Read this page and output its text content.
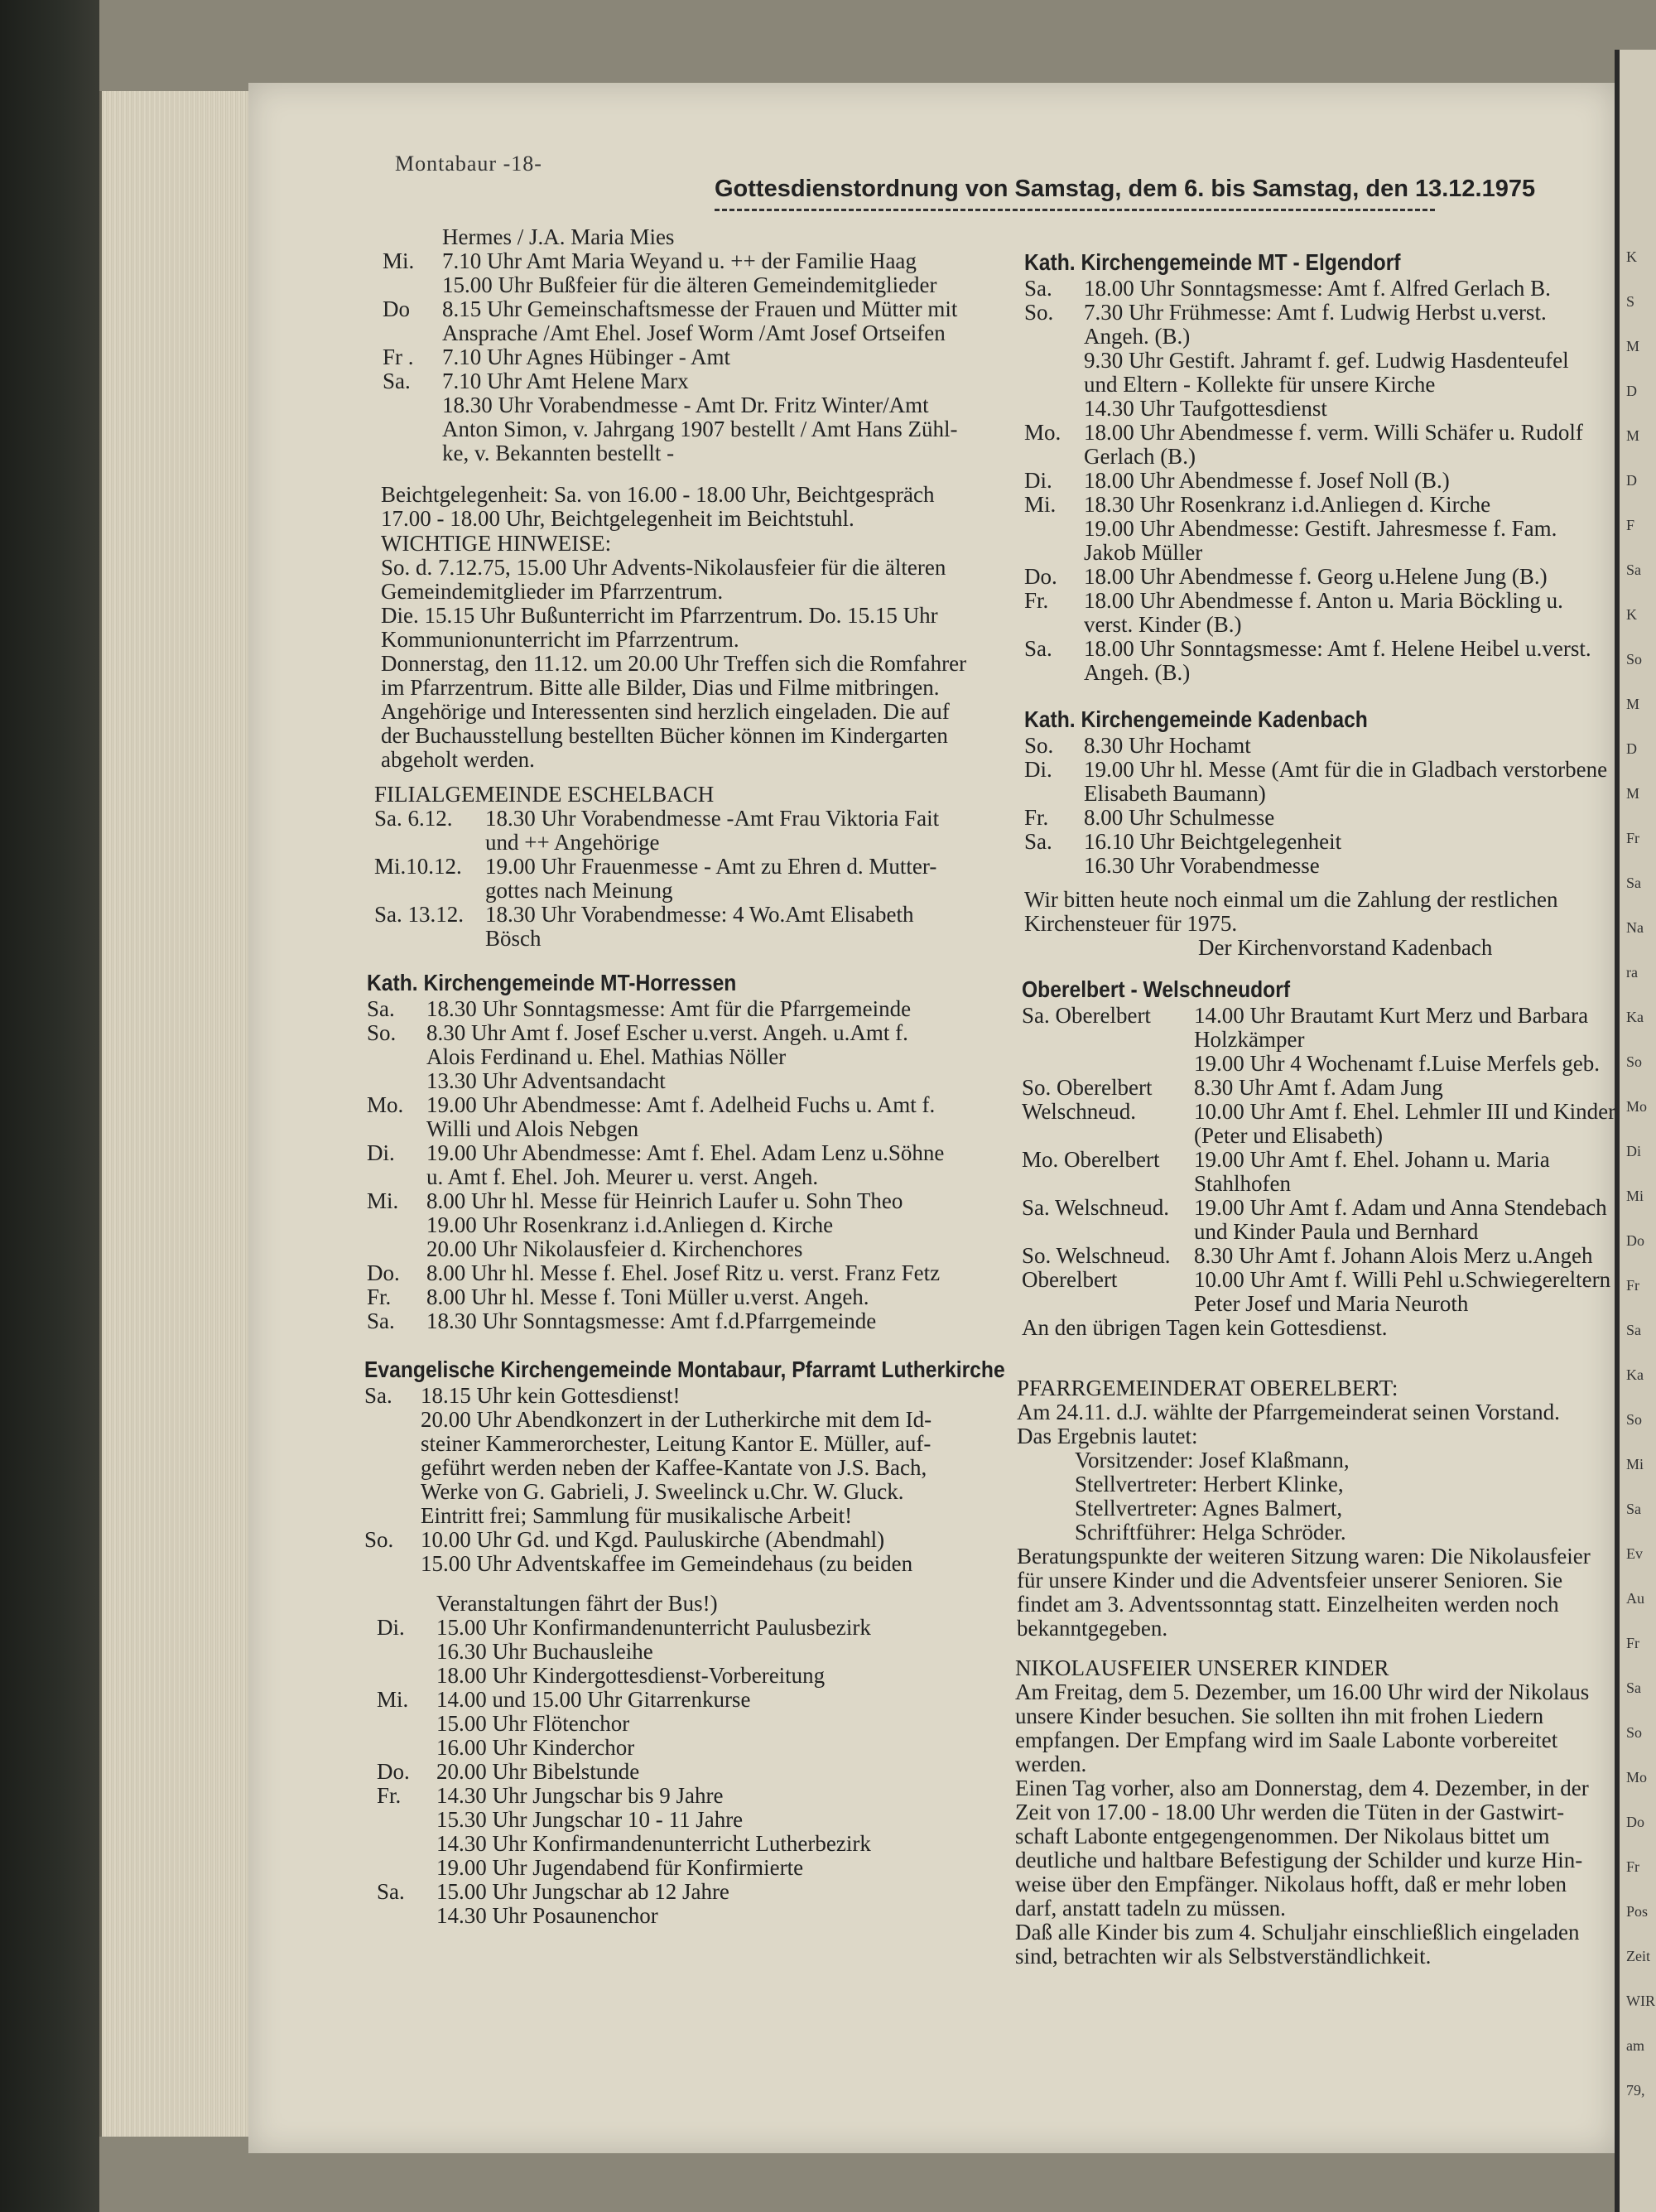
K
S
M
D
M
D
F
Sa
K
So
M
D
M
Fr
Sa
Na
ra
Ka
So
Mo
Di
Mi
Do
Fr
Sa
Ka
So
Mi
Sa
Ev
Au
Fr
Sa
So
Mo
Do
Fr
Pos
Zeit
WIR
am
79,
Montabaur -18-
Gottesdienstordnung von Samstag, dem 6. bis Samstag, den 13.12.1975
Hermes / J.A. Maria Mies
Mi.	7.10 Uhr Amt Maria Weyand u. ++ der Familie Haag
15.00 Uhr Bußfeier für die älteren Gemeindemitglieder
Do	8.15 Uhr Gemeinschaftsmesse der Frauen und Mütter mit
Ansprache /Amt Ehel. Josef Worm /Amt Josef Ortseifen
Fr .	7.10 Uhr Agnes Hübinger - Amt
Sa.	7.10 Uhr Amt Helene Marx
18.30 Uhr Vorabendmesse - Amt Dr. Fritz Winter/Amt
Anton Simon, v. Jahrgang 1907 bestellt / Amt Hans Zühl-
ke, v. Bekannten bestellt -
Beichtgelegenheit: Sa. von 16.00 - 18.00 Uhr, Beichtgespräch
17.00 - 18.00 Uhr, Beichtgelegenheit im Beichtstuhl.
WICHTIGE HINWEISE:
So. d. 7.12.75, 15.00 Uhr Advents-Nikolausfeier für die älteren
Gemeindemitglieder im Pfarrzentrum.
Die. 15.15 Uhr Bußunterricht im Pfarrzentrum. Do. 15.15 Uhr
Kommunionunterricht im Pfarrzentrum.
Donnerstag, den 11.12. um 20.00 Uhr Treffen sich die Romfahrer
im Pfarrzentrum. Bitte alle Bilder, Dias und Filme mitbringen.
Angehörige und Interessenten sind herzlich eingeladen. Die auf
der Buchausstellung bestellten Bücher können im Kindergarten
abgeholt werden.
FILIALGEMEINDE ESCHELBACH
Sa. 6.12.	18.30 Uhr Vorabendmesse -Amt Frau Viktoria Fait
und ++ Angehörige
Mi.10.12.	19.00 Uhr Frauenmesse - Amt zu Ehren d. Mutter-
gottes nach Meinung
Sa. 13.12. 18.30 Uhr Vorabendmesse: 4 Wo.Amt Elisabeth
Bösch
Kath. Kirchengemeinde MT-Horressen
Sa.	18.30 Uhr Sonntagsmesse: Amt für die Pfarrgemeinde
So.	8.30 Uhr Amt f. Josef Escher u.verst. Angeh. u.Amt f.
Alois Ferdinand u. Ehel. Mathias Nöller
13.30 Uhr Adventsandacht
Mo.	19.00 Uhr Abendmesse: Amt f. Adelheid Fuchs u. Amt f.
Willi und Alois Nebgen
Di.	19.00 Uhr Abendmesse: Amt f. Ehel. Adam Lenz u.Söhne
u. Amt f. Ehel. Joh. Meurer u. verst. Angeh.
Mi.	8.00 Uhr hl. Messe für Heinrich Laufer u. Sohn Theo
19.00 Uhr Rosenkranz i.d.Anliegen d. Kirche
20.00 Uhr Nikolausfeier d. Kirchenchores
Do.	8.00 Uhr hl. Messe f. Ehel. Josef Ritz u. verst. Franz Fetz
Fr.	8.00 Uhr hl. Messe f. Toni Müller u.verst. Angeh.
Sa.	18.30 Uhr Sonntagsmesse: Amt f.d.Pfarrgemeinde
Evangelische Kirchengemeinde Montabaur, Pfarramt Lutherkirche
Sa.	18.15 Uhr kein Gottesdienst!
20.00 Uhr Abendkonzert in der Lutherkirche mit dem Id-
steiner Kammerorchester, Leitung Kantor E. Müller, auf-
geführt werden neben der Kaffee-Kantate von J.S. Bach,
Werke von G. Gabrieli, J. Sweelinck u.Chr. W. Gluck.
Eintritt frei; Sammlung für musikalische Arbeit!
So.	10.00 Uhr Gd. und Kgd. Pauluskirche (Abendmahl)
15.00 Uhr Adventskaffee im Gemeindehaus (zu beiden
Veranstaltungen fährt der Bus!)
Di.	15.00 Uhr Konfirmandenunterricht Paulusbezirk
16.30 Uhr Buchausleihe
18.00 Uhr Kindergottesdienst-Vorbereitung
Mi.	14.00 und 15.00 Uhr Gitarrenkurse
15.00 Uhr Flötenchor
16.00 Uhr Kinderchor
Do.	20.00 Uhr Bibelstunde
Fr.	14.30 Uhr Jungschar bis 9 Jahre
15.30 Uhr Jungschar 10 - 11 Jahre
14.30 Uhr Konfirmandenunterricht Lutherbezirk
19.00 Uhr Jugendabend für Konfirmierte
Sa.	15.00 Uhr Jungschar ab 12 Jahre
14.30 Uhr Posaunenchor
Kath. Kirchengemeinde MT - Elgendorf
Sa.	18.00 Uhr Sonntagsmesse: Amt f. Alfred Gerlach B.
So.	7.30 Uhr Frühmesse: Amt f. Ludwig Herbst u.verst.
Angeh. (B.)
9.30 Uhr Gestift. Jahramt f. gef. Ludwig Hasdenteufel
und Eltern - Kollekte für unsere Kirche
14.30 Uhr Taufgottesdienst
Mo.	18.00 Uhr Abendmesse f. verm. Willi Schäfer u. Rudolf
Gerlach (B.)
Di.	18.00 Uhr Abendmesse f. Josef Noll (B.)
Mi.	18.30 Uhr Rosenkranz i.d.Anliegen d. Kirche
19.00 Uhr Abendmesse: Gestift. Jahresmesse f. Fam.
Jakob Müller
Do.	18.00 Uhr Abendmesse f. Georg u.Helene Jung (B.)
Fr.	18.00 Uhr Abendmesse f. Anton u. Maria Böckling u.
verst. Kinder (B.)
Sa.	18.00 Uhr Sonntagsmesse: Amt f. Helene Heibel u.verst.
Angeh. (B.)
Kath. Kirchengemeinde Kadenbach
So.	8.30 Uhr Hochamt
Di.	19.00 Uhr hl. Messe (Amt für die in Gladbach verstorbene
Elisabeth Baumann)
Fr.	8.00 Uhr Schulmesse
Sa.	16.10 Uhr Beichtgelegenheit
16.30 Uhr Vorabendmesse
Wir bitten heute noch einmal um die Zahlung der restlichen
Kirchensteuer für 1975.
Der Kirchenvorstand Kadenbach
Oberelbert - Welschneudorf
Sa. Oberelbert	14.00 Uhr Brautamt Kurt Merz und Barbara
Holzkämper
19.00 Uhr 4 Wochenamt f.Luise Merfels geb.
So. Oberelbert	8.30 Uhr Amt f. Adam Jung
Welschneud.	10.00 Uhr Amt f. Ehel. Lehmler III und Kinder
(Peter und Elisabeth)
Mo. Oberelbert	19.00 Uhr Amt f. Ehel. Johann u. Maria
Stahlhofen
Sa. Welschneud.	19.00 Uhr Amt f. Adam und Anna Stendebach
und Kinder Paula und Bernhard
So. Welschneud.	8.30 Uhr Amt f. Johann Alois Merz u.Angeh
Oberelbert	10.00 Uhr Amt f. Willi Pehl u.Schwiegereltern
Peter Josef und Maria Neuroth
An den übrigen Tagen kein Gottesdienst.
PFARRGEMEINDERAT OBERELBERT:
Am 24.11. d.J. wählte der Pfarrgemeinderat seinen Vorstand.
Das Ergebnis lautet:
Vorsitzender: Josef Klaßmann,
Stellvertreter: Herbert Klinke,
Stellvertreter: Agnes Balmert,
Schriftführer: Helga Schröder.
Beratungspunkte der weiteren Sitzung waren: Die Nikolausfeier
für unsere Kinder und die Adventsfeier unserer Senioren. Sie
findet am 3. Adventssonntag statt. Einzelheiten werden noch
bekanntgegeben.
NIKOLAUSFEIER UNSERER KINDER
Am Freitag, dem 5. Dezember, um 16.00 Uhr wird der Nikolaus
unsere Kinder besuchen. Sie sollten ihn mit frohen Liedern
empfangen. Der Empfang wird im Saale Labonte vorbereitet
werden.
Einen Tag vorher, also am Donnerstag, dem 4. Dezember, in der
Zeit von 17.00 - 18.00 Uhr werden die Tüten in der Gastwirt-
schaft Labonte entgegengenommen. Der Nikolaus bittet um
deutliche und haltbare Befestigung der Schilder und kurze Hin-
weise über den Empfänger. Nikolaus hofft, daß er mehr loben
darf, anstatt tadeln zu müssen.
Daß alle Kinder bis zum 4. Schuljahr einschließlich eingeladen
sind, betrachten wir als Selbstverständlichkeit.
